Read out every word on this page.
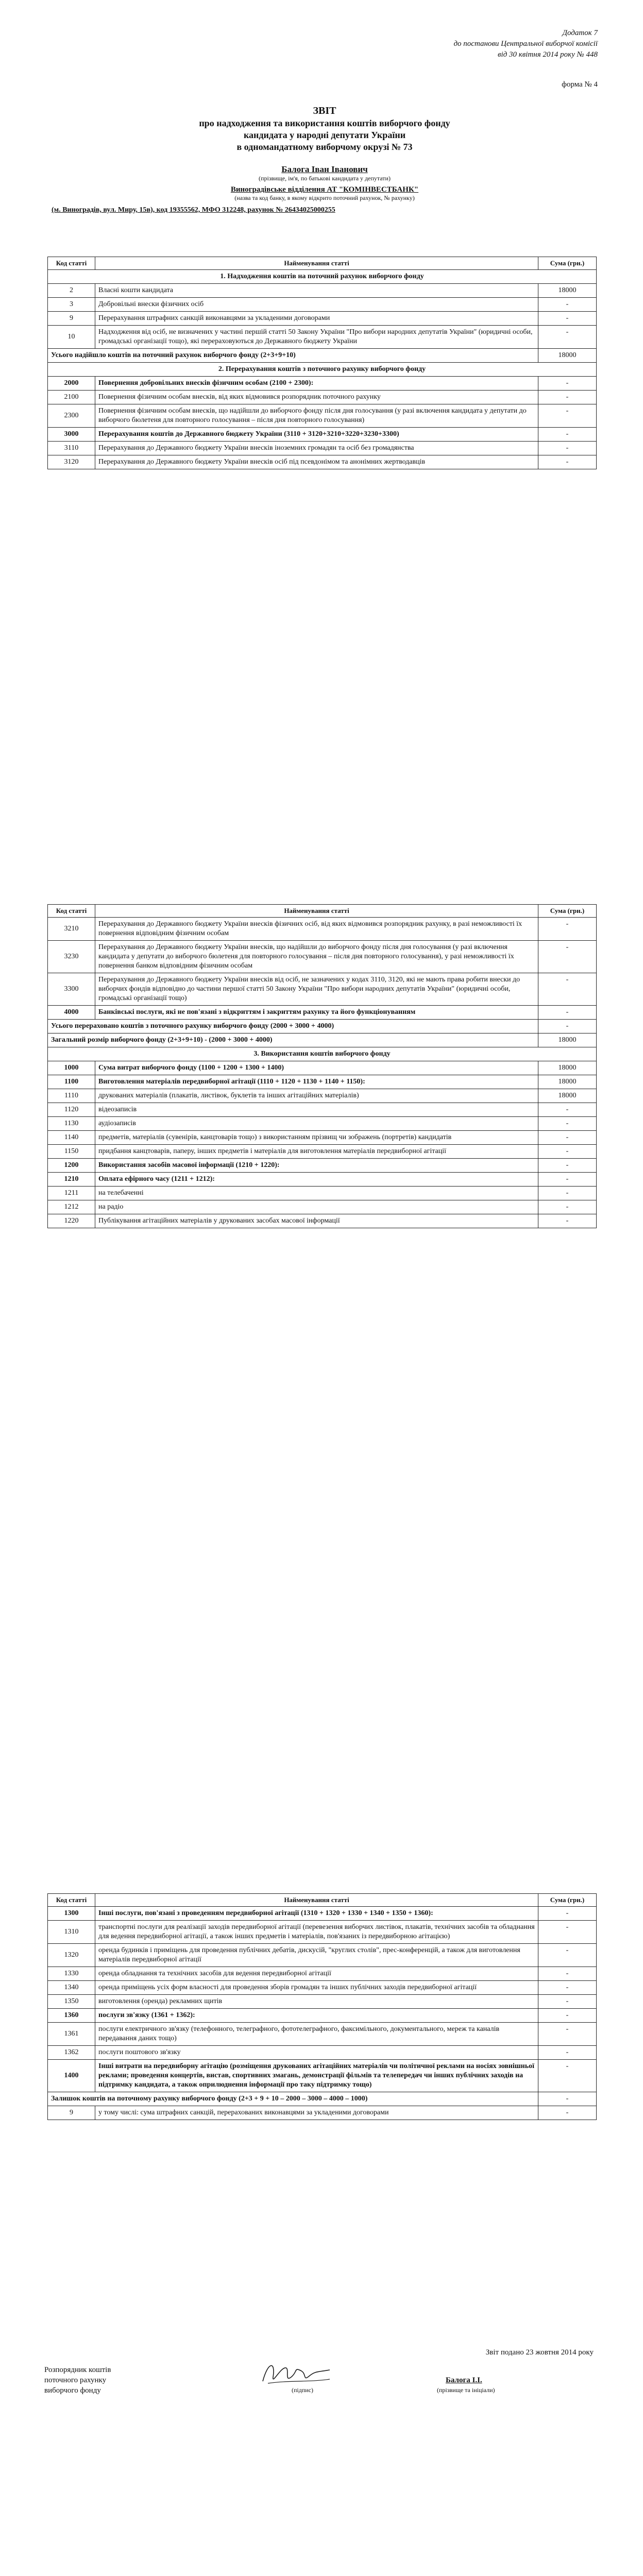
Додаток 7
до постанови Центральної виборчої комісії
від 30 квітня 2014 року № 448
форма № 4
ЗВІТ
про надходження та використання коштів виборчого фонду
кандидата у народні депутати України
в одномандатному виборчому окрузі № 73
Балога Іван Іванович
(прізвище, ім'я, по батькові кандидата у депутати)
Виноградівське відділення АТ "КОМІНВЕСТБАНК"
(назва та код банку, в якому відкрито поточний рахунок, № рахунку)
(м. Виноградів, вул. Миру, 15в), код 19355562, МФО 312248, рахунок № 26434025000255
Код статті	Найменування статті	Сума (грн.)
1. Надходження коштів на поточний рахунок виборчого фонду		
2	Власні кошти кандидата	18000
3	Добровільні внески фізичних осіб	-
9	Перерахування штрафних санкцій виконавцями за укладеними договорами	-
10	Надходження від осіб, не визначених у частині першій статті 50 Закону України "Про вибори народних депутатів України" (юридичні особи, громадські організації тощо), які перераховуються до Державного бюджету України	-
Усього надійшло коштів на поточний рахунок виборчого фонду (2+3+9+10)		18000
2. Перерахування коштів з поточного рахунку виборчого фонду		
2000	Повернення добровільних внесків фізичним особам (2100 + 2300):	-
2100	Повернення фізичним особам внесків, від яких відмовився розпорядник поточного рахунку	-
2300	Повернення фізичним особам внесків, що надійшли до виборчого фонду після дня голосування (у разі включення кандидата у депутати до виборчого бюлетеня для повторного голосування – після дня повторного голосування)	-
3000	Перерахування коштів до Державного бюджету України (3110 + 3120+3210+3220+3230+3300)	-
3110	Перерахування до Державного бюджету України внесків іноземних громадян та осіб без громадянства	-
3120	Перерахування до Державного бюджету України внесків осіб під псевдонімом та анонімних жертводавців	-
Код статті	Найменування статті	Сума (грн.)
3210	Перерахування до Державного бюджету України внесків фізичних осіб, від яких відмовився розпорядник рахунку, в разі неможливості їх повернення відповідним фізичним особам	-
3230	Перерахування до Державного бюджету України внесків, що надійшли до виборчого фонду після дня голосування (у разі включення кандидата у депутати до виборчого бюлетеня для повторного голосування – після дня повторного голосування), у разі неможливості їх повернення банком відповідним фізичним особам	-
3300	Перерахування до Державного бюджету України внесків від осіб, не зазначених у кодах 3110, 3120, які не мають права робити внески до виборчих фондів відповідно до частини першої статті 50 Закону України "Про вибори народних депутатів України" (юридичні особи, громадські організації тощо)	-
4000	Банківські послуги, які не пов'язані з відкриттям і закриттям рахунку та його функціонуванням	-
Усього перераховано коштів з поточного рахунку виборчого фонду (2000 + 3000 + 4000)		-
Загальний розмір виборчого фонду (2+3+9+10) - (2000 + 3000 + 4000)		18000
3. Використання коштів виборчого фонду		
1000	Сума витрат виборчого фонду (1100 + 1200 + 1300 + 1400)	18000
1100	Виготовлення матеріалів передвиборної агітації (1110 + 1120 + 1130 + 1140 + 1150):	18000
1110	друкованих матеріалів (плакатів, листівок, буклетів та інших агітаційних матеріалів)	18000
1120	відеозаписів	-
1130	аудіозаписів	-
1140	предметів, матеріалів (сувенірів, канцтоварів тощо) з використанням прізвищ чи зображень (портретів) кандидатів	-
1150	придбання канцтоварів, паперу, інших предметів і матеріалів для виготовлення матеріалів передвиборної агітації	-
1200	Використання засобів масової інформації (1210 + 1220):	-
1210	Оплата ефірного часу (1211 + 1212):	-
1211	на телебаченні	-
1212	на радіо	-
1220	Публікування агітаційних матеріалів у друкованих засобах масової інформації	-
Код статті	Найменування статті	Сума (грн.)
1300	Інші послуги, пов'язані з проведенням передвиборної агітації (1310 + 1320 + 1330 + 1340 + 1350 + 1360):	-
1310	транспортні послуги для реалізації заходів передвиборної агітації (перевезення виборчих листівок, плакатів, технічних засобів та обладнання для ведення передвиборної агітації, а також інших предметів і матеріалів, пов'язаних із передвиборною агітацією)	-
1320	оренда будинків і приміщень для проведення публічних дебатів, дискусій, "круглих столів", прес-конференцій, а також для виготовлення матеріалів передвиборної агітації	-
1330	оренда обладнання та технічних засобів для ведення передвиборної агітації	-
1340	оренда приміщень усіх форм власності для проведення зборів громадян та інших публічних заходів передвиборної агітації	-
1350	виготовлення (оренда) рекламних щитів	-
1360	послуги зв'язку (1361 + 1362):	-
1361	послуги електричного зв'язку (телефонного, телеграфного, фототелеграфного, факсимільного, документального, мереж та каналів передавання даних тощо)	-
1362	послуги поштового зв'язку	-
1400	Інші витрати на передвиборну агітацію (розміщення друкованих агітаційних матеріалів чи політичної реклами на носіях зовнішньої реклами; проведення концертів, вистав, спортивних змагань, демонстрації фільмів та телепередач чи інших публічних заходів на підтримку кандидата, а також оприлюднення інформації про таку підтримку тощо)	-
Залишок коштів на поточному рахунку виборчого фонду (2+3 + 9 + 10 – 2000 – 3000 – 4000 – 1000)		-
9	у тому числі: сума штрафних санкцій, перерахованих виконавцями за укладеними договорами	-
Звіт подано 23 жовтня 2014 року
Розпорядник коштів
поточного рахунку
виборчого фонду	(підпис)
Балога І.І.
(прізвище та ініціали)
